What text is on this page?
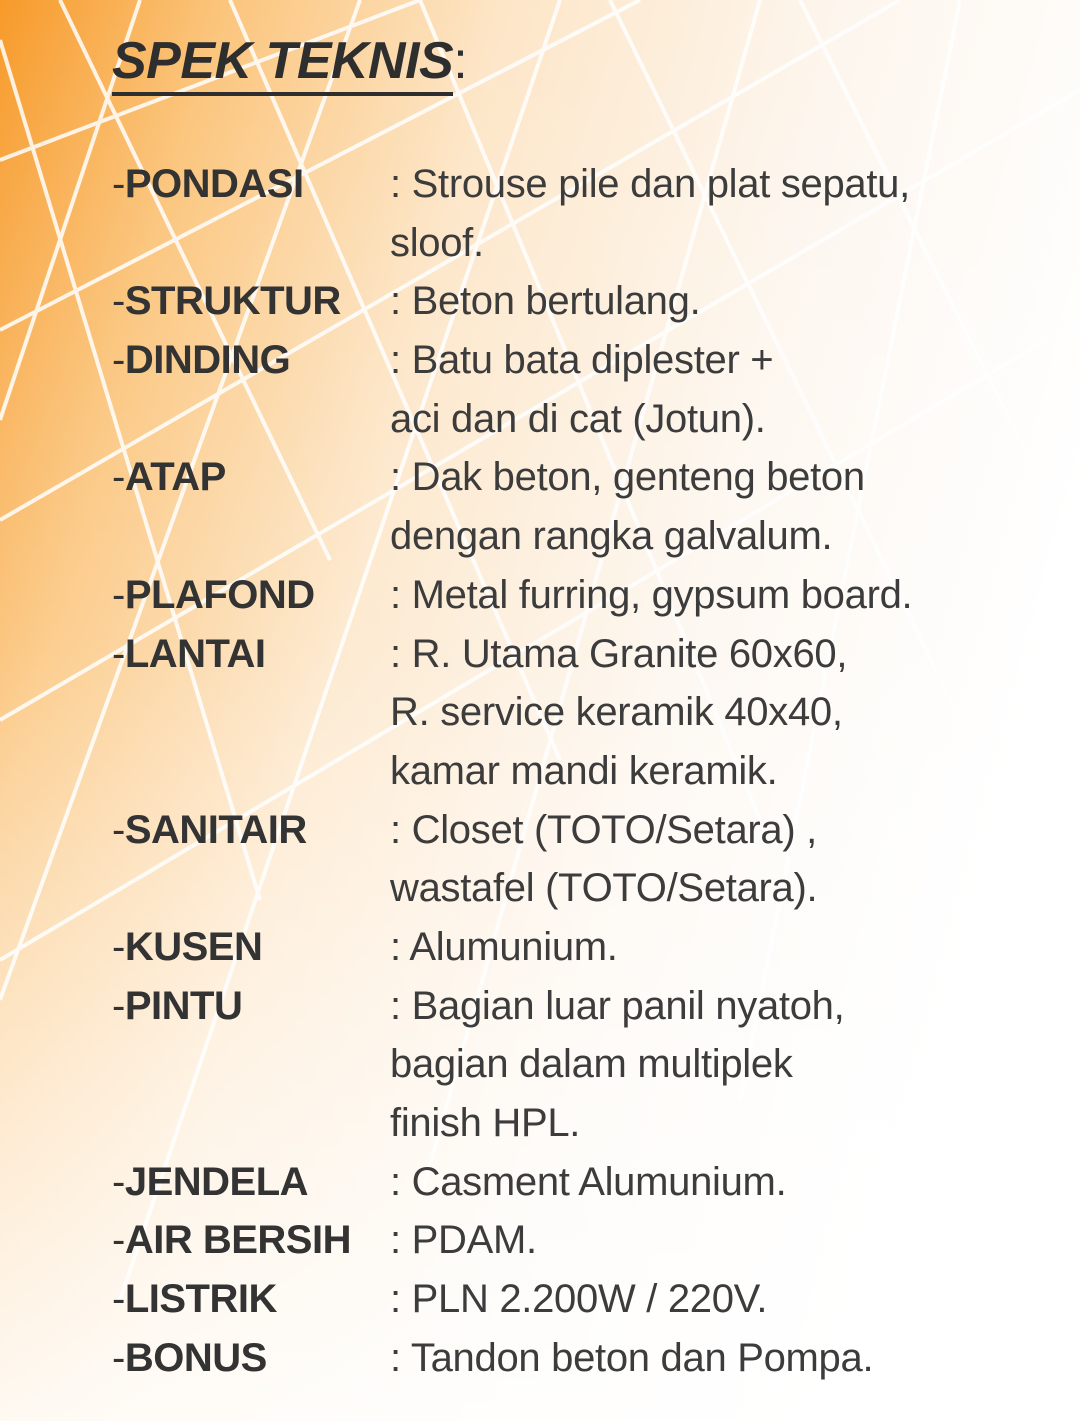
SPEK TEKNIS:
-PONDASI : Strouse pile dan plat sepatu,
sloof.
-STRUKTUR : Beton bertulang.
-DINDING : Batu bata diplester +
aci dan di cat (Jotun).
-ATAP	: Dak beton, genteng beton
dengan rangka galvalum.
-PLAFOND : Metal furring, gypsum board.
-LANTAI	: R. Utama Granite 60x60,
R. service keramik 40x40,
kamar mandi keramik.
-SANITAIR : Closet (TOTO/Setara) ,
wastafel (TOTO/Setara).
-KUSEN	: Alumunium.
-PINTU	: Bagian luar panil nyatoh,
bagian dalam multiplek
finish HPL.
-JENDELA : Casment Alumunium.
-AIR BERSIH : PDAM.
-LISTRIK	: PLN 2.200W / 220V.
-BONUS	: Tandon beton dan Pompa.
